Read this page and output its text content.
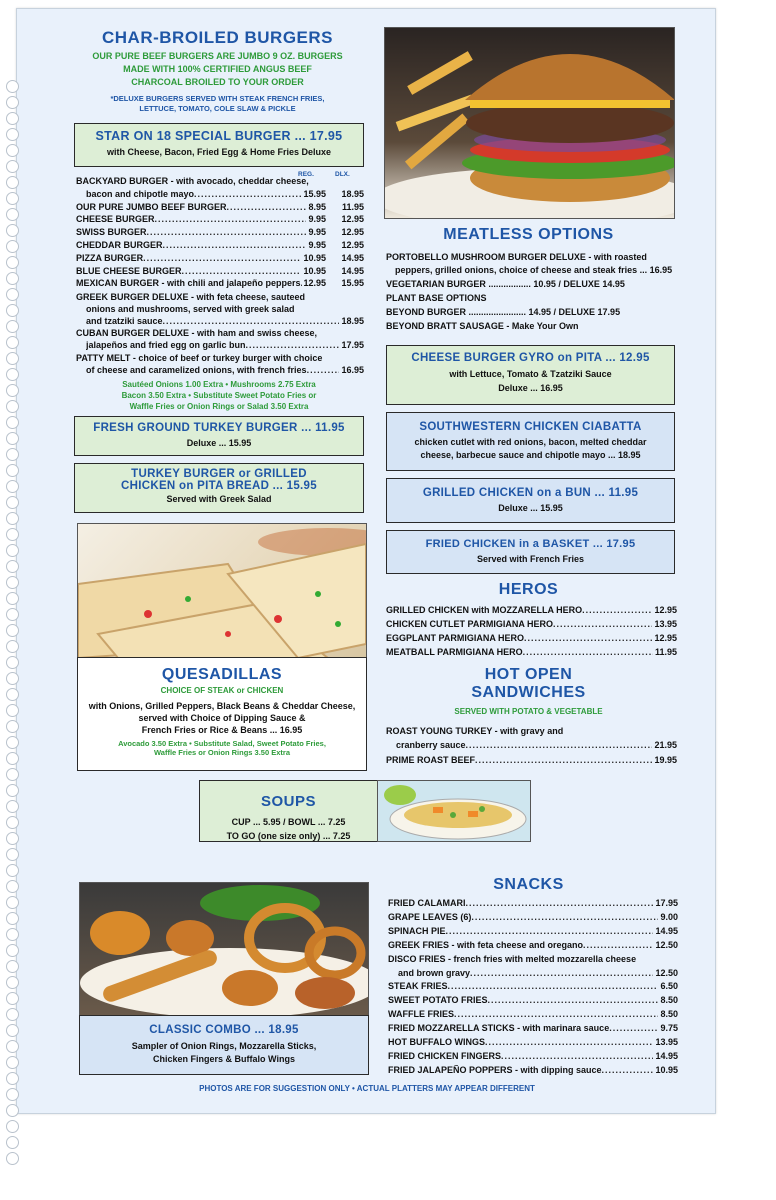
CHAR-BROILED BURGERS
OUR PURE BEEF BURGERS ARE JUMBO 9 OZ. BURGERS
MADE WITH 100% CERTIFIED ANGUS BEEF
CHARCOAL BROILED TO YOUR ORDER
*DELUXE BURGERS SERVED WITH STEAK FRENCH FRIES,
LETTUCE, TOMATO, COLE SLAW & PICKLE
STAR ON 18 SPECIAL BURGER ... 17.95
with Cheese, Bacon, Fried Egg & Home Fries Deluxe
REG.	DLX.
BACKYARD BURGER - with avocado, cheddar cheese,
bacon and chipotle mayo .....	15.95	18.95
OUR PURE JUMBO BEEF BURGER .....	8.95	11.95
CHEESE BURGER .....	9.95	12.95
SWISS BURGER .....	9.95	12.95
CHEDDAR BURGER .....	9.95	12.95
PIZZA BURGER .....	10.95	14.95
BLUE CHEESE BURGER .....	10.95	14.95
MEXICAN BURGER - with chili and jalapeño peppers ..... 12.95	15.95
GREEK BURGER DELUXE - with feta cheese, sauteed
onions and mushrooms, served with greek salad
and tzatziki sauce .....	18.95
CUBAN BURGER DELUXE - with ham and swiss cheese,
jalapeños and fried egg on garlic bun .....	17.95
PATTY MELT - choice of beef or turkey burger with choice
of cheese and caramelized onions, with french fries .....	16.95
Sautéed Onions 1.00 Extra • Mushrooms 2.75 Extra
Bacon 3.50 Extra • Substitute Sweet Potato Fries or
Waffle Fries or Onion Rings or Salad 3.50 Extra
FRESH GROUND TURKEY BURGER ... 11.95
Deluxe ... 15.95
TURKEY BURGER or GRILLED
CHICKEN on PITA BREAD ... 15.95
Served with Greek Salad
QUESADILLAS
CHOICE OF STEAK or CHICKEN
with Onions, Grilled Peppers, Black Beans & Cheddar Cheese,
served with Choice of Dipping Sauce &
French Fries or Rice & Beans ... 16.95
Avocado 3.50 Extra • Substitute Salad, Sweet Potato Fries,
Waffle Fries or Onion Rings 3.50 Extra
SOUPS
CUP ... 5.95 / BOWL ... 7.25
TO GO (one size only) ... 7.25
CLASSIC COMBO ... 18.95
Sampler of Onion Rings, Mozzarella Sticks,
Chicken Fingers & Buffalo Wings
MEATLESS OPTIONS
PORTOBELLO MUSHROOM BURGER DELUXE - with roasted
peppers, grilled onions, choice of cheese and steak fries ... 16.95
VEGETARIAN BURGER ................. 10.95 / DELUXE 14.95
PLANT BASE OPTIONS
BEYOND BURGER ....................... 14.95 / DELUXE 17.95
BEYOND BRATT SAUSAGE - Make Your Own
CHEESE BURGER GYRO on PITA ... 12.95
with Lettuce, Tomato & Tzatziki Sauce
Deluxe ... 16.95
SOUTHWESTERN CHICKEN CIABATTA
chicken cutlet with red onions, bacon, melted cheddar
cheese, barbecue sauce and chipotle mayo ... 18.95
GRILLED CHICKEN on a BUN ... 11.95
Deluxe ... 15.95
FRIED CHICKEN in a BASKET ... 17.95
Served with French Fries
HEROS
GRILLED CHICKEN with MOZZARELLA HERO .....	12.95
CHICKEN CUTLET PARMIGIANA HERO .....	13.95
EGGPLANT PARMIGIANA HERO .....	12.95
MEATBALL PARMIGIANA HERO .....	11.95
HOT OPEN
SANDWICHES
SERVED WITH POTATO & VEGETABLE
ROAST YOUNG TURKEY - with gravy and
cranberry sauce .....	21.95
PRIME ROAST BEEF .....	19.95
SNACKS
FRIED CALAMARI .....	17.95
GRAPE LEAVES (6) .....	9.00
SPINACH PIE .....	14.95
GREEK FRIES - with feta cheese and oregano .....	12.50
DISCO FRIES - french fries with melted mozzarella cheese
and brown gravy .....	12.50
STEAK FRIES .....	6.50
SWEET POTATO FRIES .....	8.50
WAFFLE FRIES .....	8.50
FRIED MOZZARELLA STICKS - with marinara sauce .....	9.75
HOT BUFFALO WINGS .....	13.95
FRIED CHICKEN FINGERS .....	14.95
FRIED JALAPEÑO POPPERS - with dipping sauce .....	10.95
PHOTOS ARE FOR SUGGESTION ONLY • ACTUAL PLATTERS MAY APPEAR DIFFERENT
